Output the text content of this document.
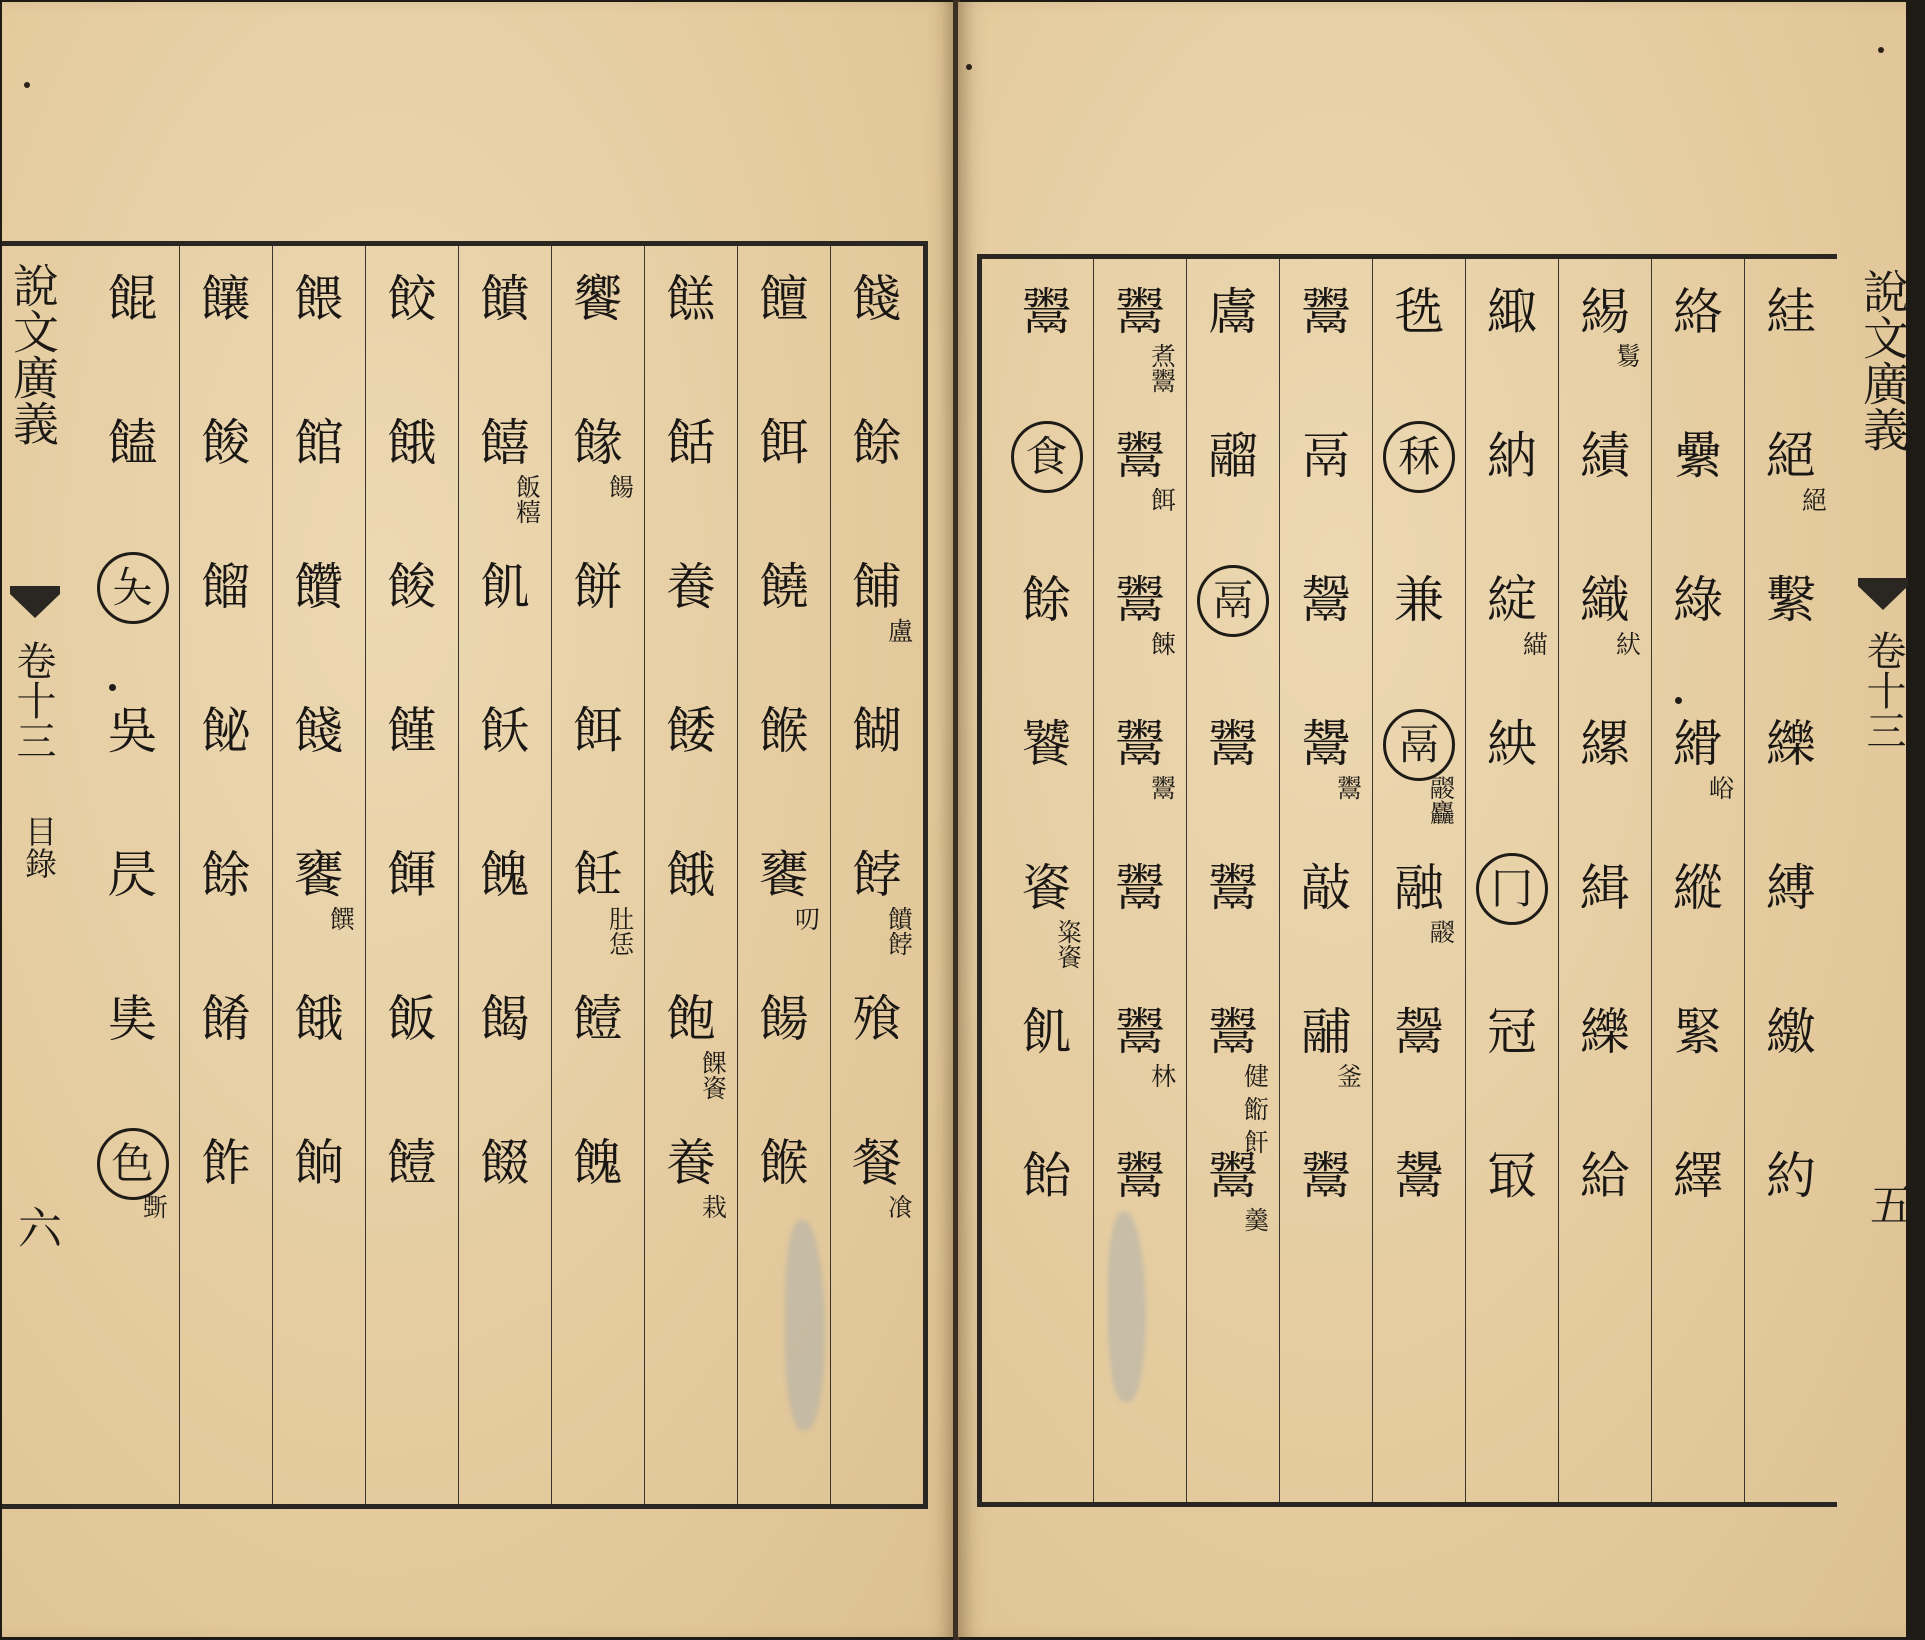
餞
餘
餔
餬
餑
飱
餐
盧
饙餑
飡
饘
餌
饒
餱
饔
餳
餱
叨
餻
餂
養
餧
餓
飽
養
餜餈
栽
饗
餯
餅
餌
飪
饐
餽
餳
肚恁
饙
饎
飢
飫
餽
餲
餟
飯糦
餃
餓
餕
饉
餫
飯
饐
餵
館
饡
餞
饔
餓
餉
饌
饟
餕
餾
飶
餘
餚
飵
餛
饁
夨
吳
昃
奊
色
斲
絓
絕
繫
纅
縛
繳
約
絕
絡
纍
綠
縎
縱
緊
繹
峪
緆
績
織
縲
緝
纅
給
鬄
紎
緅
納
綻
紻
冂
冠
冣
緢
毨
秝
兼
鬲
融
鬶
鬹
鬷麤
鬷
鬻
鬲
鬶
鬹
敲
鬴
鬻
鬻
釜
鬳
鬸
鬲
鬻
鬻
鬻
鬻
健 餰 飦
羹
鬻
鬻
鬻
鬻
鬻
鬻
鬻
煮鬻
餌
餗
鬻
林
鬻
食
餘
饕
餈
飢
飴
粢餈
說文廣義
卷十三
目錄
六
說文廣義
卷十三
五
